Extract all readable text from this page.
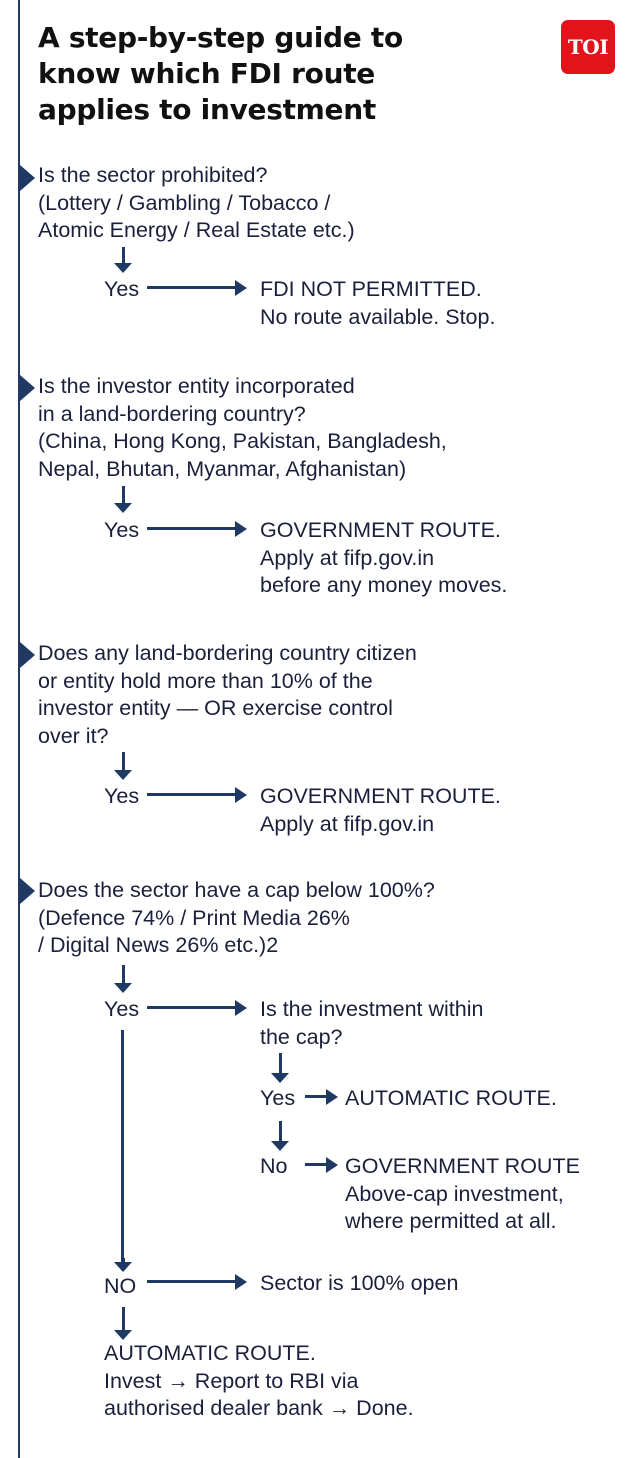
A step-by-step guide to
know which FDI route
applies to investment
TOI
Is the sector prohibited?
(Lottery / Gambling / Tobacco /
Atomic Energy / Real Estate etc.)
Yes	FDI NOT PERMITTED.
No route available. Stop.
Is the investor entity incorporated
in a land-bordering country?
(China, Hong Kong, Pakistan, Bangladesh,
Nepal, Bhutan, Myanmar, Afghanistan)
Yes	GOVERNMENT ROUTE.
Apply at fifp.gov.in
before any money moves.
Does any land-bordering country citizen
or entity hold more than 10% of the
investor entity — OR exercise control
over it?
Yes	GOVERNMENT ROUTE.
Apply at fifp.gov.in
Does the sector have a cap below 100%?
(Defence 74% / Print Media 26%
/ Digital News 26% etc.)2
Yes	Is the investment within
the cap?
Yes AUTOMATIC ROUTE.
No	GOVERNMENT ROUTE
Above-cap investment,
where permitted at all.
NO	Sector is 100% open
AUTOMATIC ROUTE.
Invest → Report to RBI via
authorised dealer bank → Done.
